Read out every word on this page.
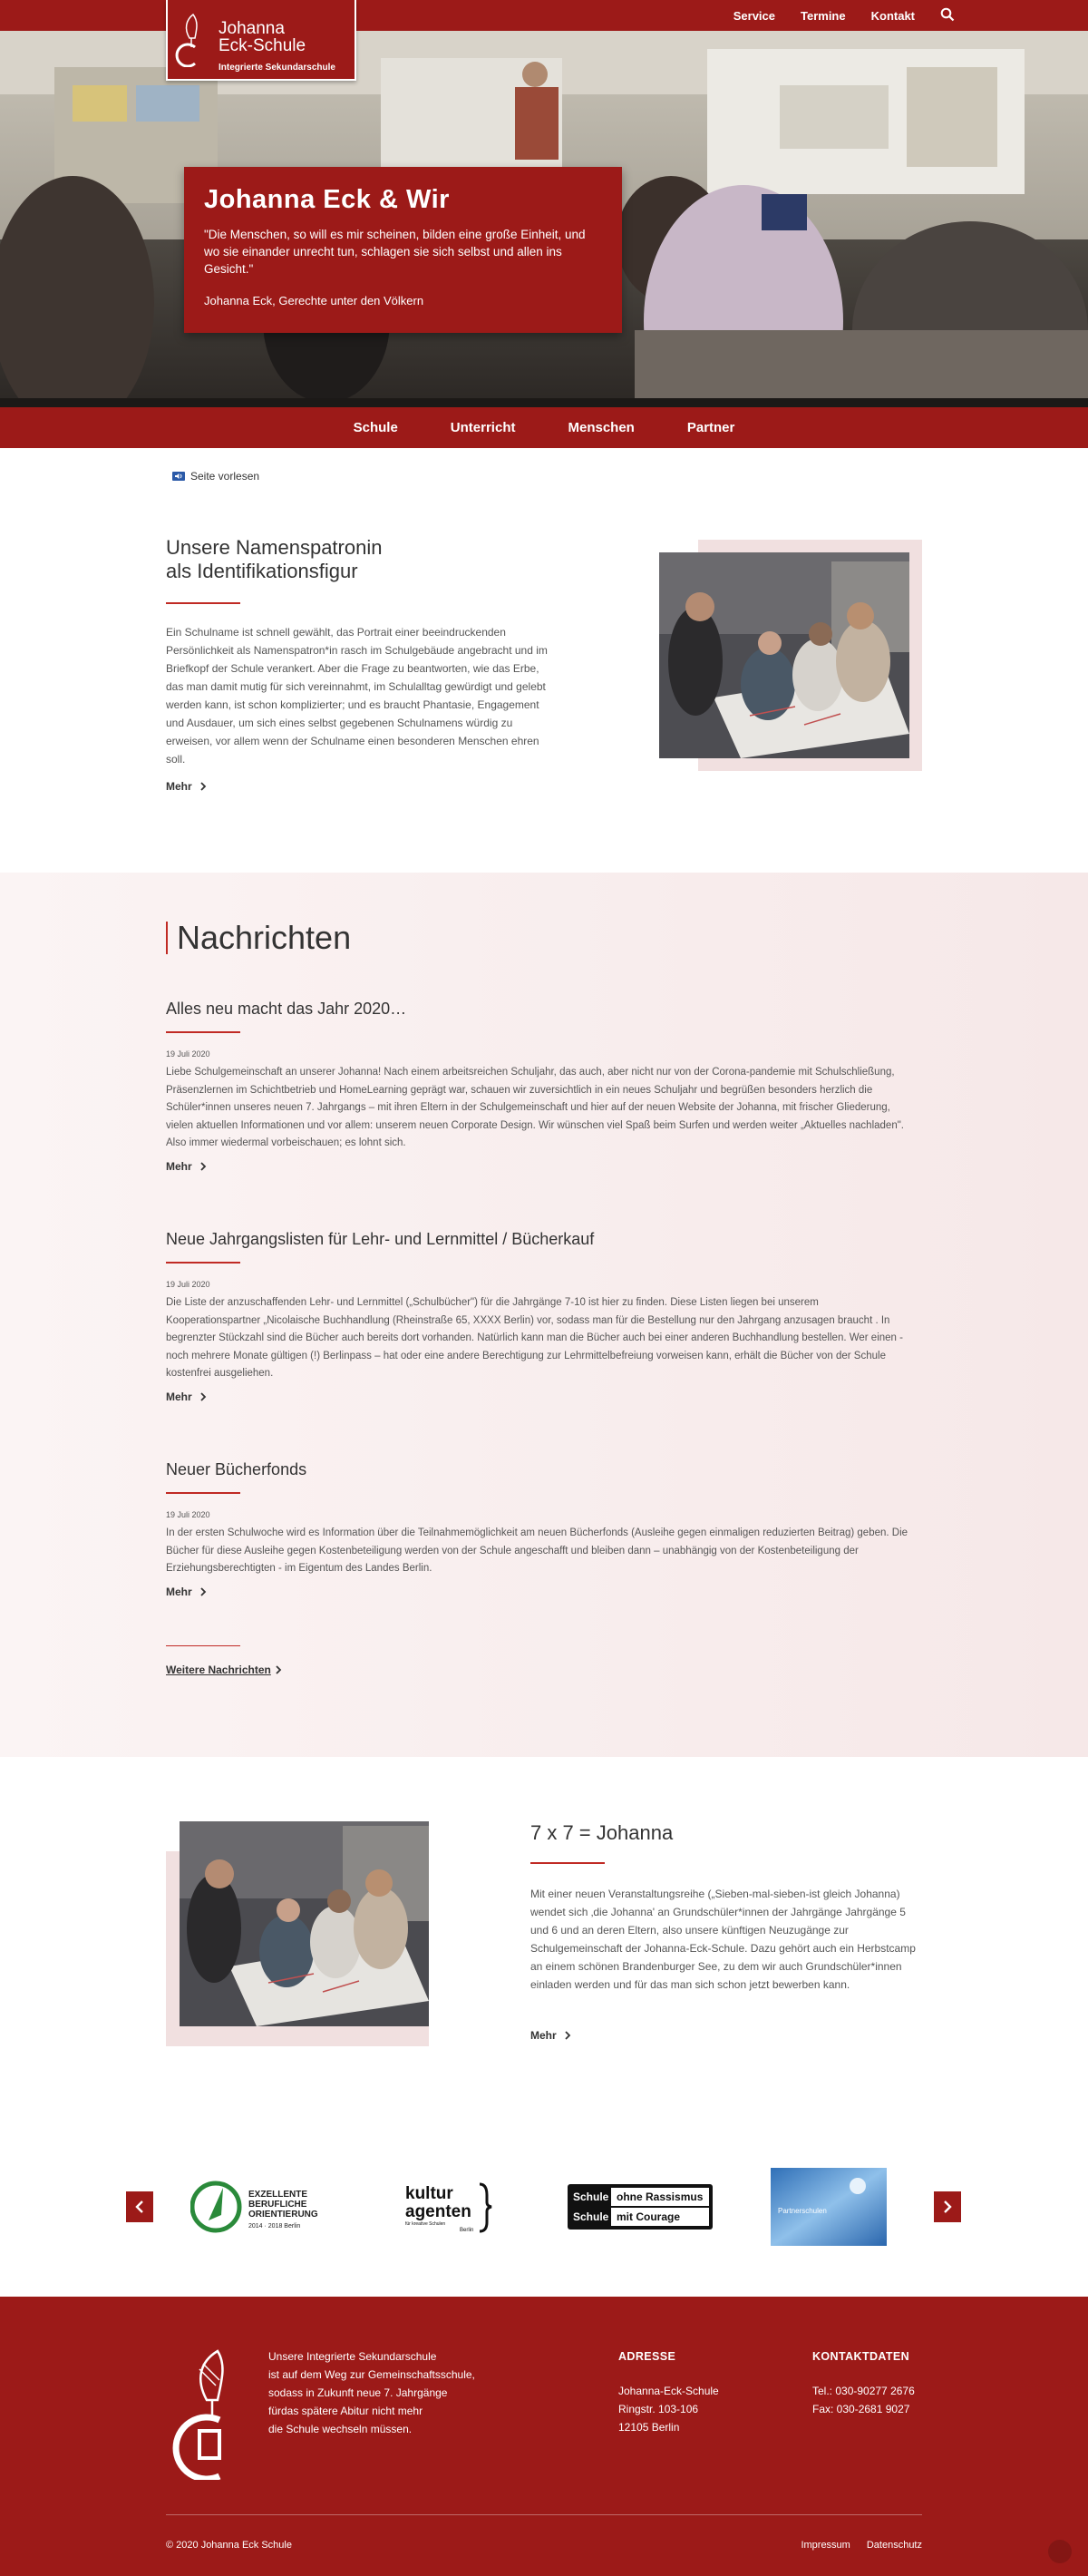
Service Termine Kontakt
Johanna
Eck-Schule
Integrierte Sekundarschule
Johanna Eck & Wir

"Die Menschen, so will es mir scheinen, bilden eine große Einheit, und wo sie einander unrecht tun, schlagen sie sich selbst und allen ins Gesicht."

Johanna Eck, Gerechte unter den Völkern

Schule	Unterricht	Menschen	Partner
Seite vorlesen
Unsere Namenspatronin
als Identifikationsfigur

Ein Schulname ist schnell gewählt, das Portrait einer beeindruckenden Persönlichkeit als Namenspatron*in rasch im Schulgebäude angebracht und im Briefkopf der Schule verankert. Aber die Frage zu beantworten, wie das Erbe, das man damit mutig für sich vereinnahmt, im Schulalltag gewürdigt und gelebt werden kann, ist schon komplizierter; und es braucht Phantasie, Engagement und Ausdauer, um sich eines selbst gegebenen Schulnamens würdig zu erweisen, vor allem wenn der Schulname einen besonderen Menschen ehren soll.

Mehr
NACHRICHTEN
Nachrichten
Alles neu macht das Jahr 2020…
19 Juli 2020

Liebe Schulgemeinschaft an unserer Johanna! Nach einem arbeitsreichen Schuljahr, das auch, aber nicht nur von der Corona-pandemie mit Schulschließung, Präsenzlernen im Schichtbetrieb und HomeLearning geprägt war, schauen wir zuversichtlich in ein neues Schuljahr und begrüßen besonders herzlich die Schüler*innen unseres neuen 7. Jahrgangs – mit ihren Eltern in der Schulgemeinschaft und hier auf der neuen Website der Johanna, mit frischer Gliederung, vielen aktuellen Informationen und vor allem: unserem neuen Corporate Design. Wir wünschen viel Spaß beim Surfen und werden weiter „Aktuelles nachladen". Also immer wiedermal vorbeischauen; es lohnt sich.

Mehr
Neue Jahrgangslisten für Lehr- und Lernmittel / Bücherkauf
19 Juli 2020

Die Liste der anzuschaffenden Lehr- und Lernmittel („Schulbücher") für die Jahrgänge 7-10 ist hier zu finden. Diese Listen liegen bei unserem Kooperationspartner „Nicolaische Buchhandlung (Rheinstraße 65, XXXX Berlin) vor, sodass man für die Bestellung nur den Jahrgang anzusagen braucht . In begrenzter Stückzahl sind die Bücher auch bereits dort vorhanden. Natürlich kann man die Bücher auch bei einer anderen Buchhandlung bestellen. Wer einen - noch mehrere Monate gültigen (!) Berlinpass – hat oder eine andere Berechtigung zur Lehrmittelbefreiung vorweisen kann, erhält die Bücher von der Schule kostenfrei ausgeliehen.

Mehr
Neuer Bücherfonds
19 Juli 2020

In der ersten Schulwoche wird es Information über die Teilnahmemöglichkeit am neuen Bücherfonds (Ausleihe gegen einmaligen reduzierten Beitrag) geben. Die Bücher für diese Ausleihe gegen Kostenbeteiligung werden von der Schule angeschafft und bleiben dann – unabhängig von der Kostenbeteiligung der Erziehungsberechtigten - im Eigentum des Landes Berlin.

Mehr
Weitere Nachrichten
7 x 7 = Johanna

Mit einer neuen Veranstaltungsreihe („Sieben-mal-sieben-ist gleich Johanna) wendet sich ‚die Johanna' an Grundschüler*innen der Jahrgänge Jahrgänge 5 und 6 und an deren Eltern, also unsere künftigen Neuzugänge zur Schulgemeinschaft der Johanna-Eck-Schule. Dazu gehört auch ein Herbstcamp an einem schönen Brandenburger See, zu dem wir auch Grundschüler*innen einladen werden und für das man sich schon jetzt bewerben kann.

Mehr
EXZELLENTE
BERUFLICHE
ORIENTIERUNG
2014 · 2018 Berlin
kultur
agenten
für kreative Schulen
Berlin
Schule ohne Rassismus
Schule mit Courage	Partnerschulen
Unsere Integrierte Sekundarschule
ist auf dem Weg zur Gemeinschaftsschule,
sodass in Zukunft neue 7. Jahrgänge
fürdas spätere Abitur nicht mehr
die Schule wechseln müssen.
ADRESSE
Johanna-Eck-Schule
Ringstr. 103-106
12105 Berlin
KONTAKTDATEN
Tel.: 030-90277 2676
Fax: 030-2681 9027
© 2020 Johanna Eck Schule	Impressum Datenschutz
